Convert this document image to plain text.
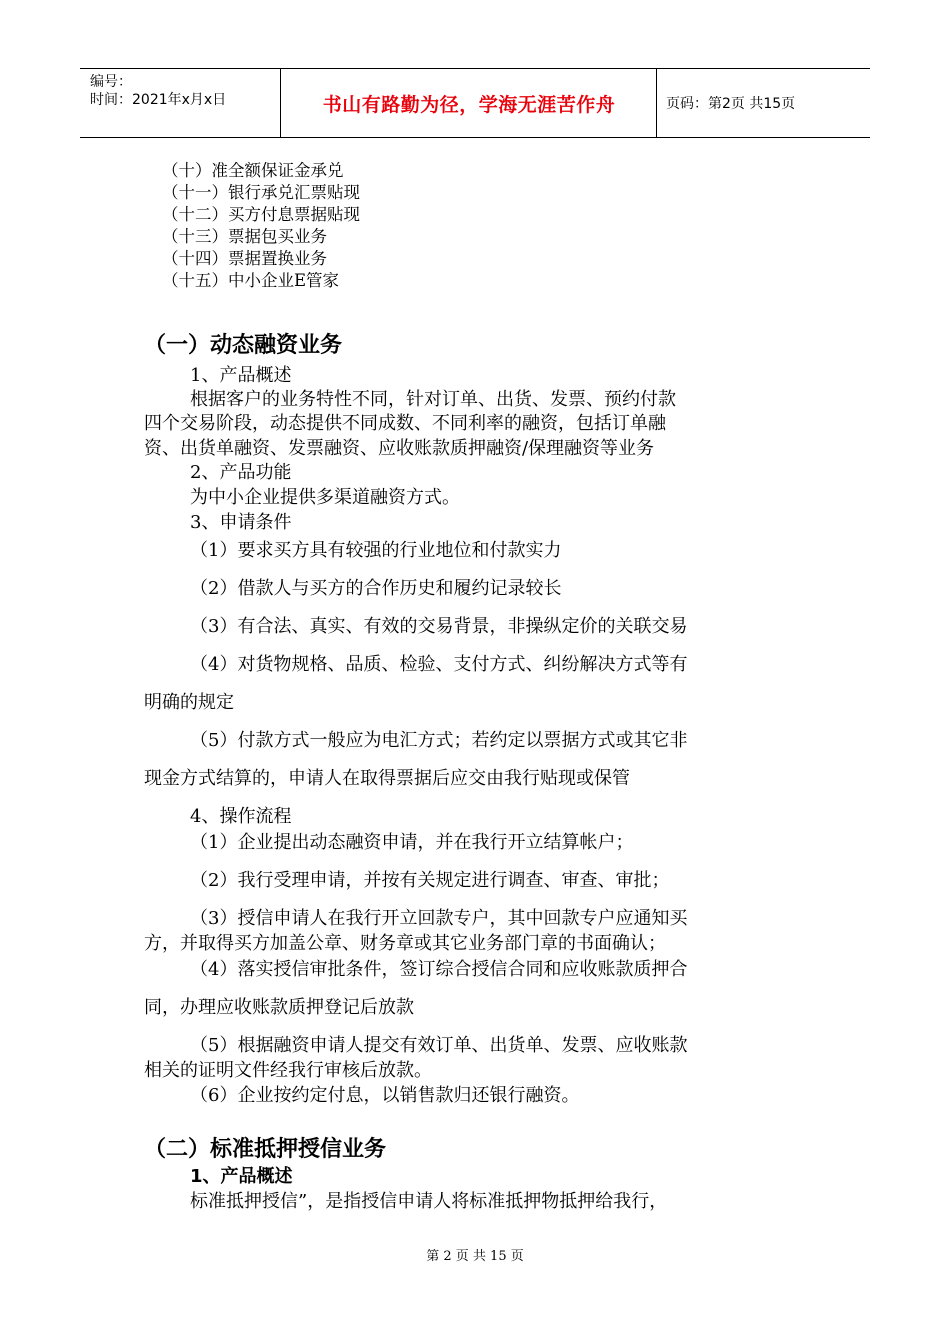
编号：
时间：2021年x月x日	书山有路勤为径，学海无涯苦作舟	页码：第2页 共15页
（十）准全额保证金承兑
（十一）银行承兑汇票贴现
（十二）买方付息票据贴现
（十三）票据包买业务
（十四）票据置换业务
（十五）中小企业E管家
（一）动态融资业务
1、产品概述
根据客户的业务特性不同，针对订单、出货、发票、预约付款
四个交易阶段，动态提供不同成数、不同利率的融资，包括订单融
资、出货单融资、发票融资、应收账款质押融资/保理融资等业务
2、产品功能
为中小企业提供多渠道融资方式。
3、申请条件
（1）要求买方具有较强的行业地位和付款实力
（2）借款人与买方的合作历史和履约记录较长
（3）有合法、真实、有效的交易背景，非操纵定价的关联交易
（4）对货物规格、品质、检验、支付方式、纠纷解决方式等有
明确的规定
（5）付款方式一般应为电汇方式；若约定以票据方式或其它非
现金方式结算的，申请人在取得票据后应交由我行贴现或保管
4、操作流程
（1）企业提出动态融资申请，并在我行开立结算帐户；
（2）我行受理申请，并按有关规定进行调查、审查、审批；
（3）授信申请人在我行开立回款专户，其中回款专户应通知买
方，并取得买方加盖公章、财务章或其它业务部门章的书面确认；
（4）落实授信审批条件，签订综合授信合同和应收账款质押合
同，办理应收账款质押登记后放款
（5）根据融资申请人提交有效订单、出货单、发票、应收账款
相关的证明文件经我行审核后放款。
（6）企业按约定付息，以销售款归还银行融资。
（二）标准抵押授信业务
1、产品概述
标准抵押授信”，是指授信申请人将标准抵押物抵押给我行，
第 2 页 共 15 页
